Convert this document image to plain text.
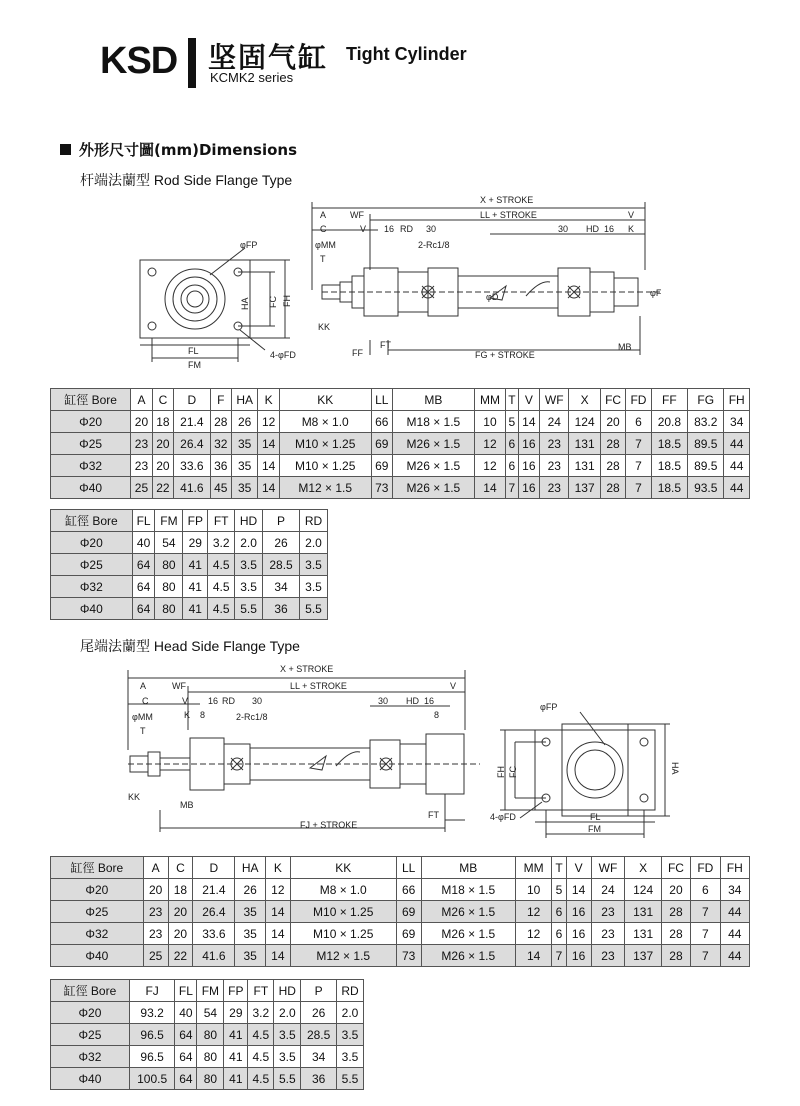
KSD 坚固气缸
KCMK2 series
Tight Cylinder
外形尺寸圖(mm)Dimensions
杆端法蘭型 Rod Side Flange Type
φFP
HA FC FH
FL
FM
4-φFD
X + STROKE
LL + STROKE
A	WF
C	V 16 RD 30
φMM
T
2-Rc1/8
30 HD 16
V
K
φD	φF
KK
FF
FT
FG + STROKE
MB
缸徑 Bore	A	C	D	F	HA	K	KK	LL	MB	MM	T	V	WF	X	FC	FD	FF	FG	FH
Φ20	20	18	21.4	28	26	12	M8 × 1.0	66	M18 × 1.5	10	5	14	24	124	20	6	20.8	83.2	34
Φ25	23	20	26.4	32	35	14	M10 × 1.25	69	M26 × 1.5	12	6	16	23	131	28	7	18.5	89.5	44
Φ32	23	20	33.6	36	35	14	M10 × 1.25	69	M26 × 1.5	12	6	16	23	131	28	7	18.5	89.5	44
Φ40	25	22	41.6	45	35	14	M12 × 1.5	73	M26 × 1.5	14	7	16	23	137	28	7	18.5	93.5	44
缸徑 Bore	FL	FM	FP	FT	HD	P	RD
Φ20	40	54	29	3.2	2.0	26	2.0
Φ25	64	80	41	4.5	3.5	28.5	3.5
Φ32	64	80	41	4.5	3.5	34	3.5
Φ40	64	80	41	4.5	5.5	36	5.5
尾端法蘭型 Head Side Flange Type
X + STROKE
LL + STROKE
A	WF
C	V 16 RD 30
φMM	K 8
T
2-Rc1/8
30 HD 16
V
8
KK
MB
FJ + STROKE
FT
φFP
FH FC	HA
4-φFD	FL
FM
缸徑 Bore	A	C	D	HA	K	KK	LL	MB	MM	T	V	WF	X	FC	FD	FH
Φ20	20	18	21.4	26	12	M8 × 1.0	66	M18 × 1.5	10	5	14	24	124	20	6	34
Φ25	23	20	26.4	35	14	M10 × 1.25	69	M26 × 1.5	12	6	16	23	131	28	7	44
Φ32	23	20	33.6	35	14	M10 × 1.25	69	M26 × 1.5	12	6	16	23	131	28	7	44
Φ40	25	22	41.6	35	14	M12 × 1.5	73	M26 × 1.5	14	7	16	23	137	28	7	44
缸徑 Bore	FJ	FL	FM	FP	FT	HD	P	RD
Φ20	93.2	40	54	29	3.2	2.0	26	2.0
Φ25	96.5	64	80	41	4.5	3.5	28.5	3.5
Φ32	96.5	64	80	41	4.5	3.5	34	3.5
Φ40	100.5	64	80	41	4.5	5.5	36	5.5
